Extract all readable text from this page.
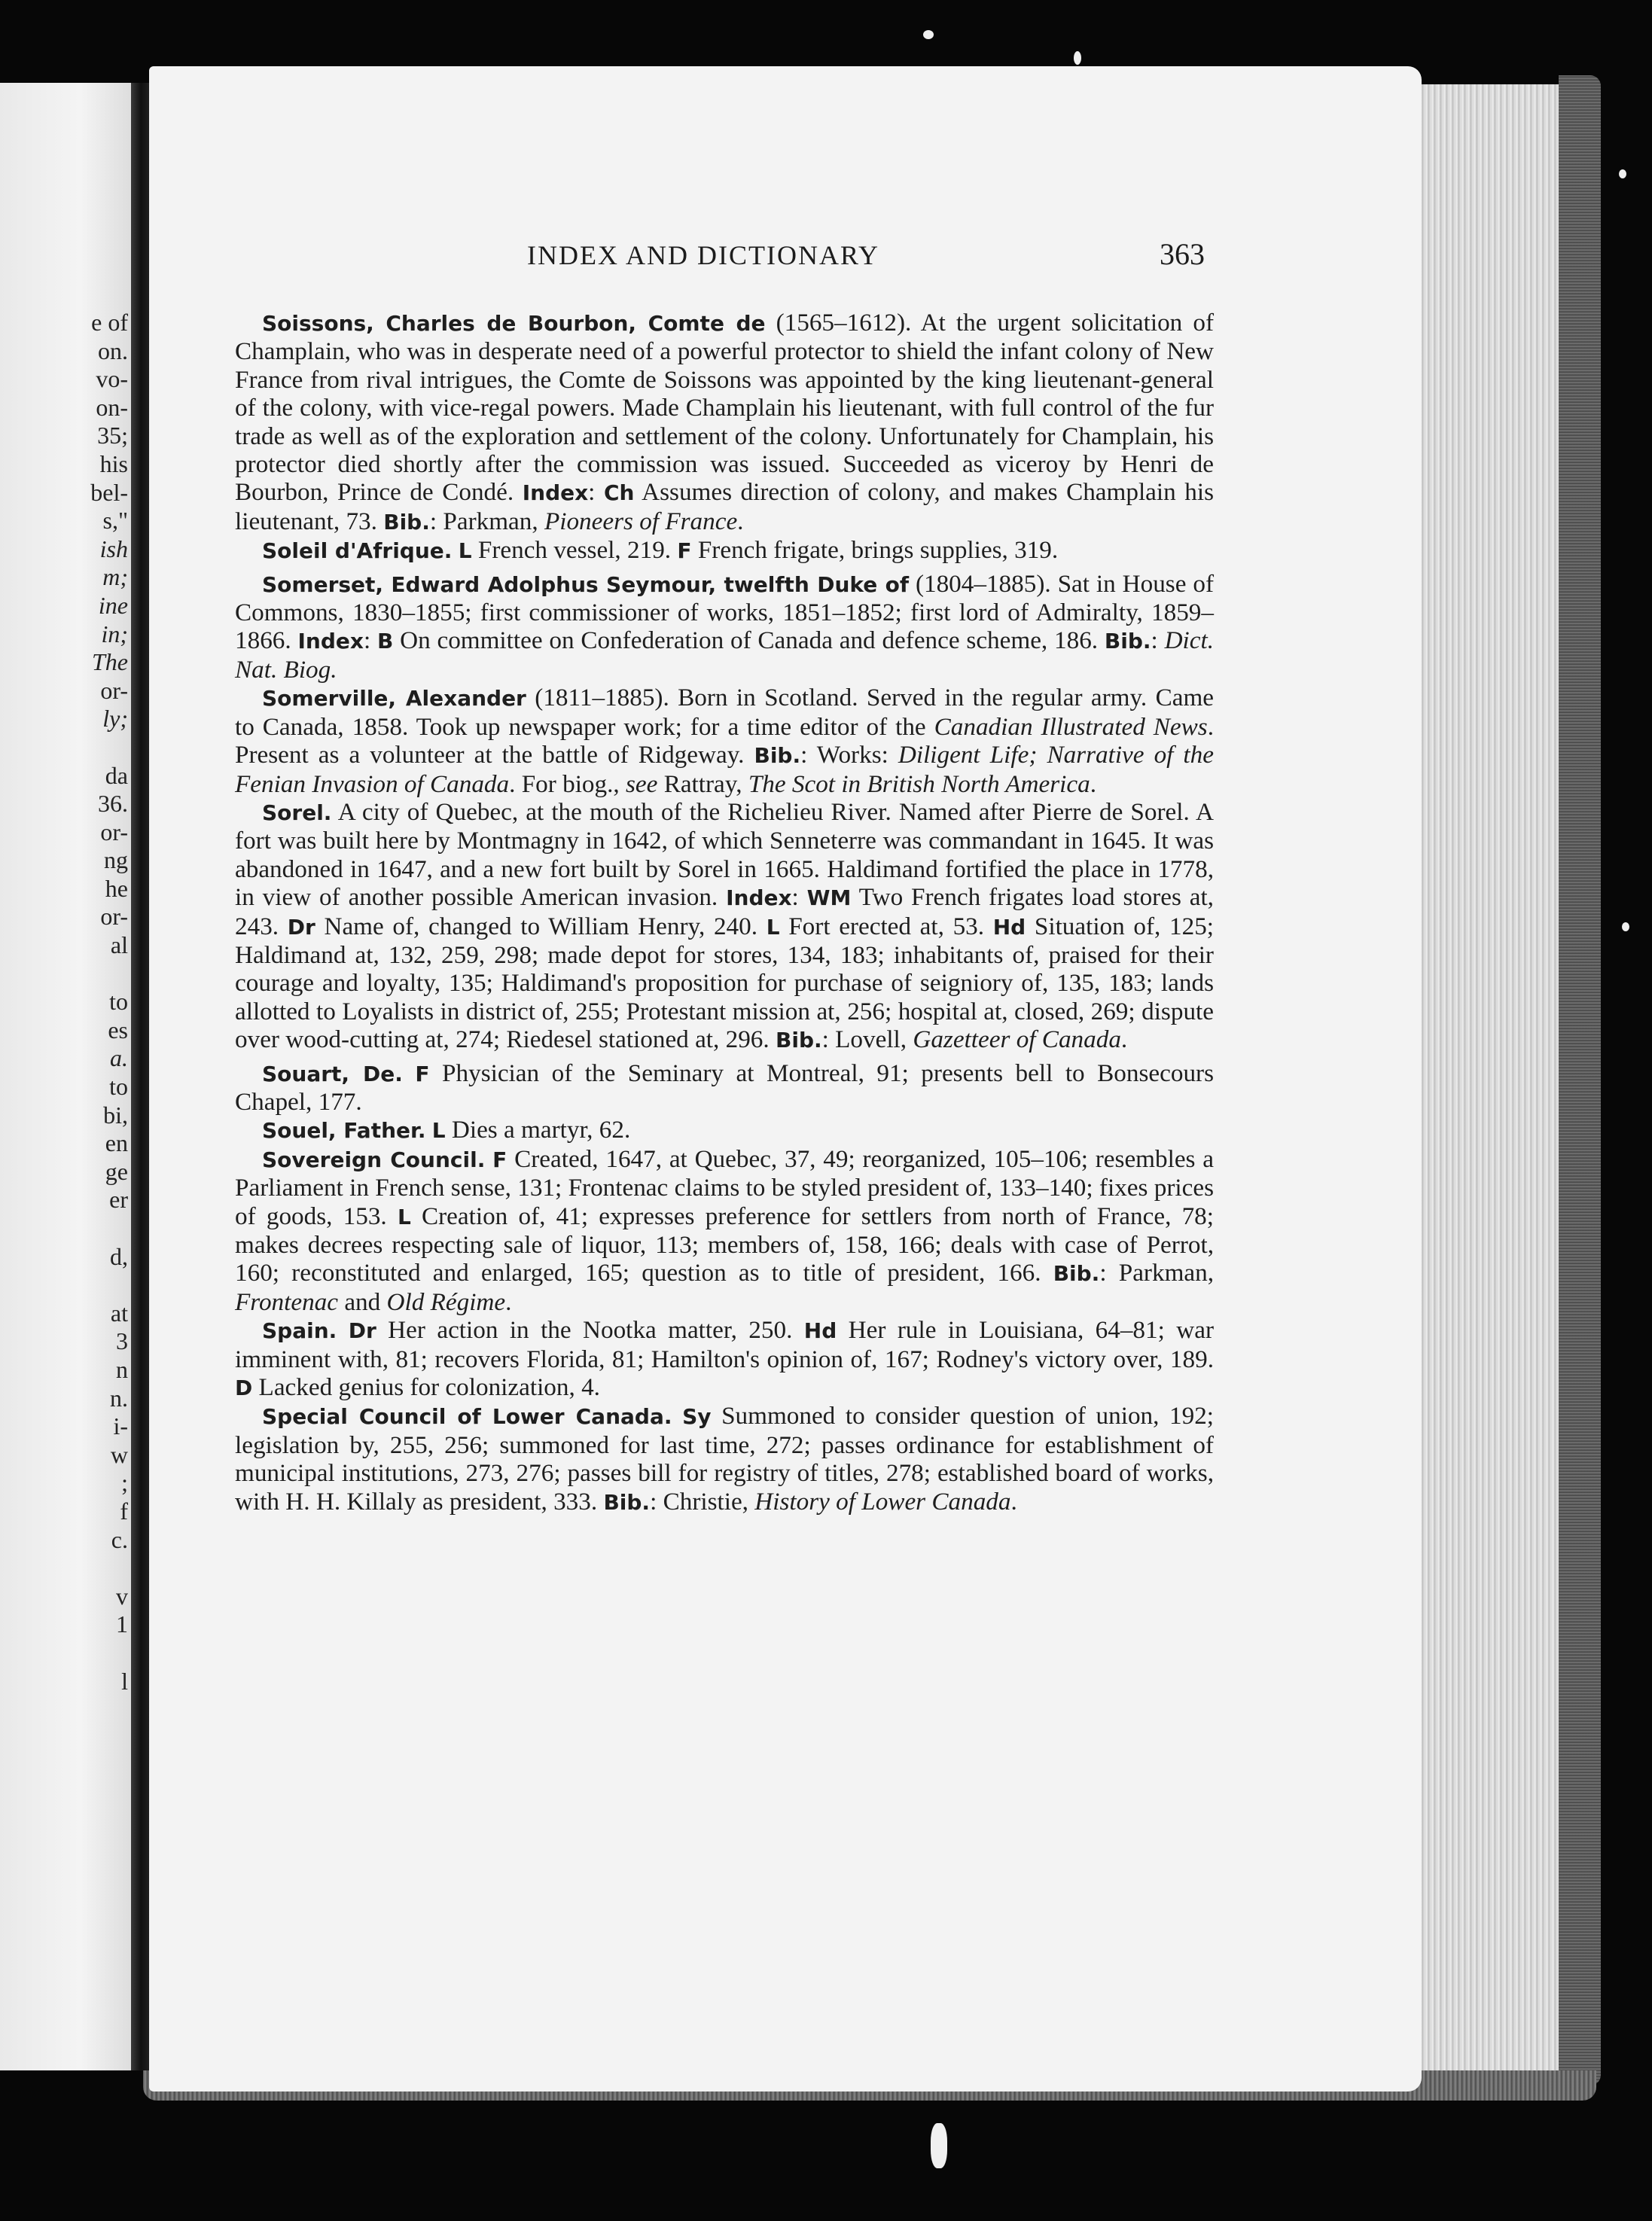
e of
on.
vo-
on-
35;
his
bel-
s,"
ish
m;
ine
in;
The
or-
ly;
da
36.
or-
ng
he
or-
al
to
es
a.
to
bi,
en
ge
er
d,
at
3
n
n.
i-
w
;
f
c.
v
1
l
INDEX AND DICTIONARY	363

Soissons, Charles de Bourbon, Comte de (1565–1612). At the urgent solicitation of Champlain, who was in desperate need of a powerful protector to shield the infant colony of New France from rival intrigues, the Comte de Soissons was appointed by the king lieutenant-general of the colony, with vice-regal powers. Made Champlain his lieutenant, with full control of the fur trade as well as of the exploration and settlement of the colony. Unfortunately for Champlain, his protector died shortly after the commission was issued. Succeeded as viceroy by Henri de Bourbon, Prince de Condé. Index: Ch Assumes direction of colony, and makes Champlain his lieutenant, 73. Bib.: Parkman, Pioneers of France.

Soleil d'Afrique. L French vessel, 219. F French frigate, brings supplies, 319.

Somerset, Edward Adolphus Seymour, twelfth Duke of (1804–1885). Sat in House of Commons, 1830–1855; first commissioner of works, 1851–1852; first lord of Admiralty, 1859–1866. Index: B On committee on Confederation of Canada and defence scheme, 186. Bib.: Dict. Nat. Biog.

Somerville, Alexander (1811–1885). Born in Scotland. Served in the regular army. Came to Canada, 1858. Took up newspaper work; for a time editor of the Canadian Illustrated News. Present as a volunteer at the battle of Ridgeway. Bib.: Works: Diligent Life; Narrative of the Fenian Invasion of Canada. For biog., see Rattray, The Scot in British North America.

Sorel. A city of Quebec, at the mouth of the Richelieu River. Named after Pierre de Sorel. A fort was built here by Montmagny in 1642, of which Senneterre was commandant in 1645. It was abandoned in 1647, and a new fort built by Sorel in 1665. Haldimand fortified the place in 1778, in view of another possible American invasion. Index: WM Two French frigates load stores at, 243. Dr Name of, changed to William Henry, 240. L Fort erected at, 53. Hd Situation of, 125; Haldimand at, 132, 259, 298; made depot for stores, 134, 183; inhabitants of, praised for their courage and loyalty, 135; Haldimand's proposition for purchase of seigniory of, 135, 183; lands allotted to Loyalists in district of, 255; Protestant mission at, 256; hospital at, closed, 269; dispute over wood-cutting at, 274; Riedesel stationed at, 296. Bib.: Lovell, Gazetteer of Canada.

Souart, De. F Physician of the Seminary at Montreal, 91; presents bell to Bonsecours Chapel, 177.

Souel, Father. L Dies a martyr, 62.

Sovereign Council. F Created, 1647, at Quebec, 37, 49; reorganized, 105–106; resembles a Parliament in French sense, 131; Frontenac claims to be styled president of, 133–140; fixes prices of goods, 153. L Creation of, 41; expresses preference for settlers from north of France, 78; makes decrees respecting sale of liquor, 113; members of, 158, 166; deals with case of Perrot, 160; reconstituted and enlarged, 165; question as to title of president, 166. Bib.: Parkman, Frontenac and Old Régime.

Spain. Dr Her action in the Nootka matter, 250. Hd Her rule in Louisiana, 64–81; war imminent with, 81; recovers Florida, 81; Hamilton's opinion of, 167; Rodney's victory over, 189. D Lacked genius for colonization, 4.

Special Council of Lower Canada. Sy Summoned to consider question of union, 192; legislation by, 255, 256; summoned for last time, 272; passes ordinance for establishment of municipal institutions, 273, 276; passes bill for registry of titles, 278; established board of works, with H. H. Killaly as president, 333. Bib.: Christie, History of Lower Canada.
